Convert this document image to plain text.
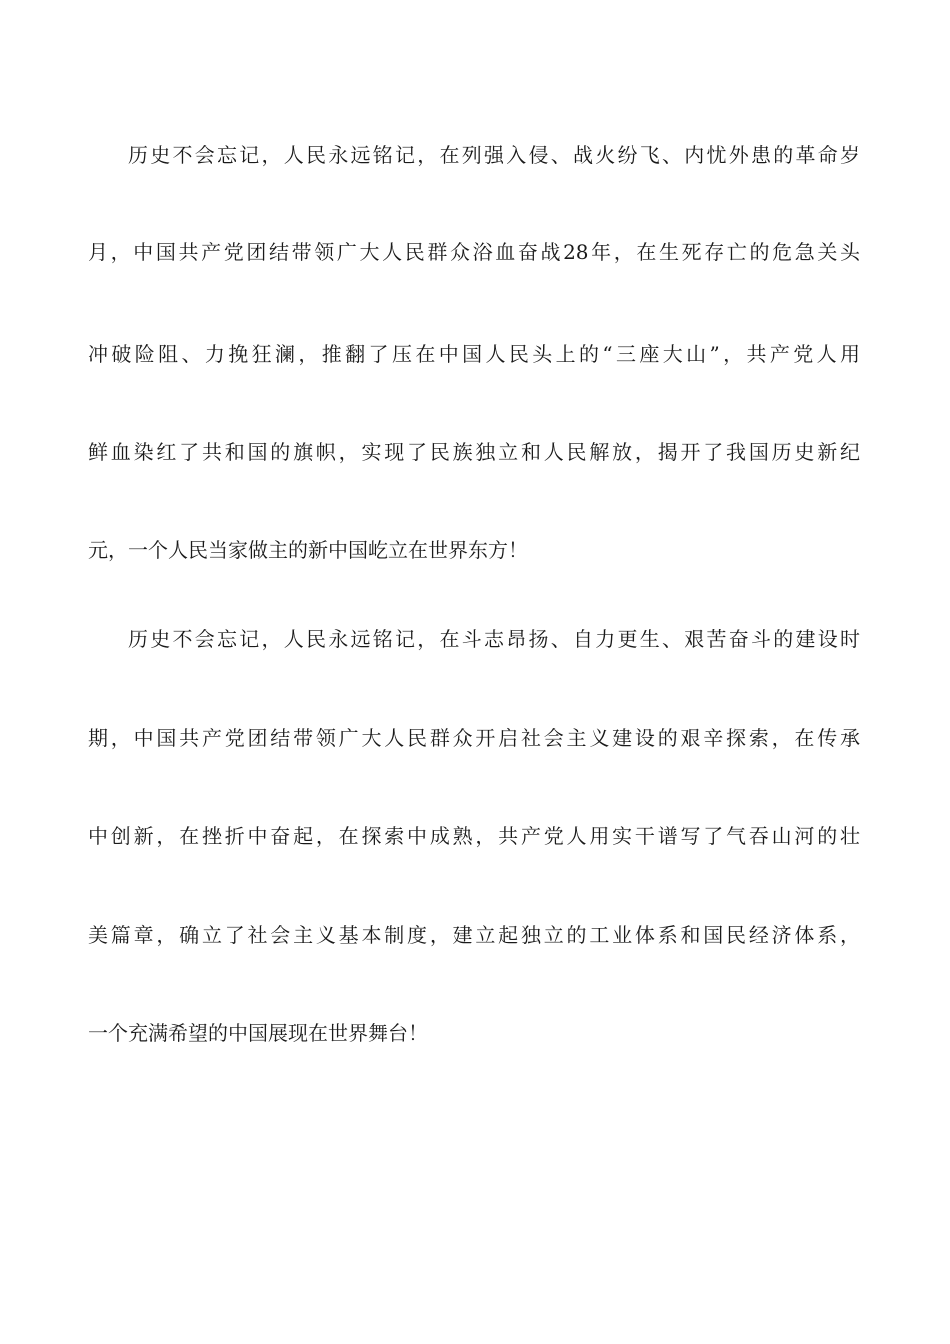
历史不会忘记，人民永远铭记，在列强入侵、战火纷飞、内忧外患的革命岁
月，中国共产党团结带领广大人民群众浴血奋战28年，在生死存亡的危急关头
冲破险阻、力挽狂澜，推翻了压在中国人民头上的“三座大山”，共产党人用
鲜血染红了共和国的旗帜，实现了民族独立和人民解放，揭开了我国历史新纪
元，一个人民当家做主的新中国屹立在世界东方！
历史不会忘记，人民永远铭记，在斗志昂扬、自力更生、艰苦奋斗的建设时
期，中国共产党团结带领广大人民群众开启社会主义建设的艰辛探索，在传承
中创新，在挫折中奋起，在探索中成熟，共产党人用实干谱写了气吞山河的壮
美篇章，确立了社会主义基本制度，建立起独立的工业体系和国民经济体系，
一个充满希望的中国展现在世界舞台！
